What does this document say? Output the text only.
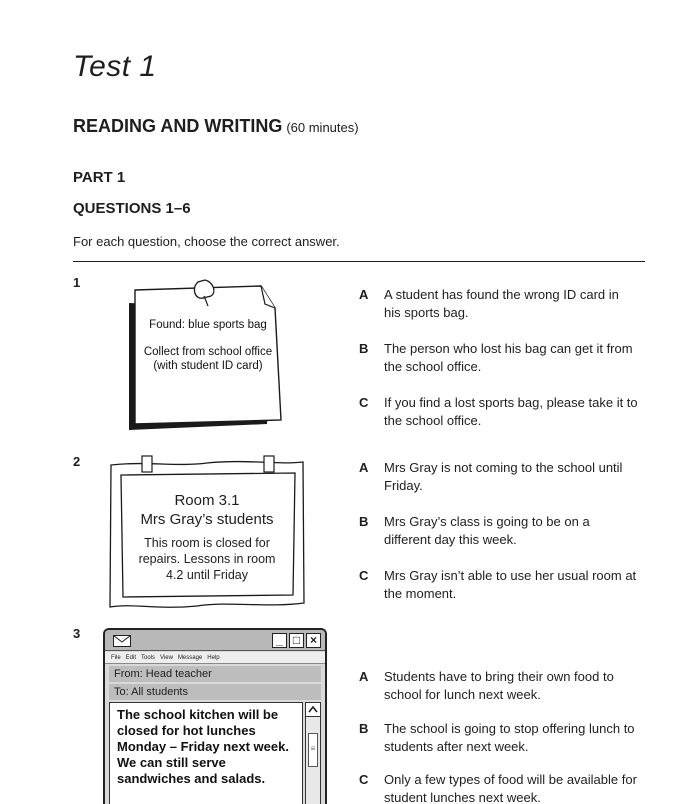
Test 1
READING AND WRITING (60 minutes)
PART 1
QUESTIONS 1–6
For each question, choose the correct answer.
1
Found: blue sports bag
Collect from school office
(with student ID card)
A A student has found the wrong ID card in his sports bag.
B The person who lost his bag can get it from the school office.
C If you find a lost sports bag, please take it to the school office.
2
Room 3.1
Mrs Gray’s students
This room is closed for repairs. Lessons in room 4.2 until Friday
A Mrs Gray is not coming to the school until Friday.
B Mrs Gray’s class is going to be on a different day this week.
C Mrs Gray isn’t able to use her usual room at the moment.
3	_ □ ×
File Edit Tools View Message Help
From: Head teacher
To: All students
The school kitchen will be closed for hot lunches Monday – Friday next week. We can still serve sandwiches and salads.
≡
A Students have to bring their own food to school for lunch next week.
B The school is going to stop offering lunch to students after next week.
C Only a few types of food will be available for student lunches next week.
